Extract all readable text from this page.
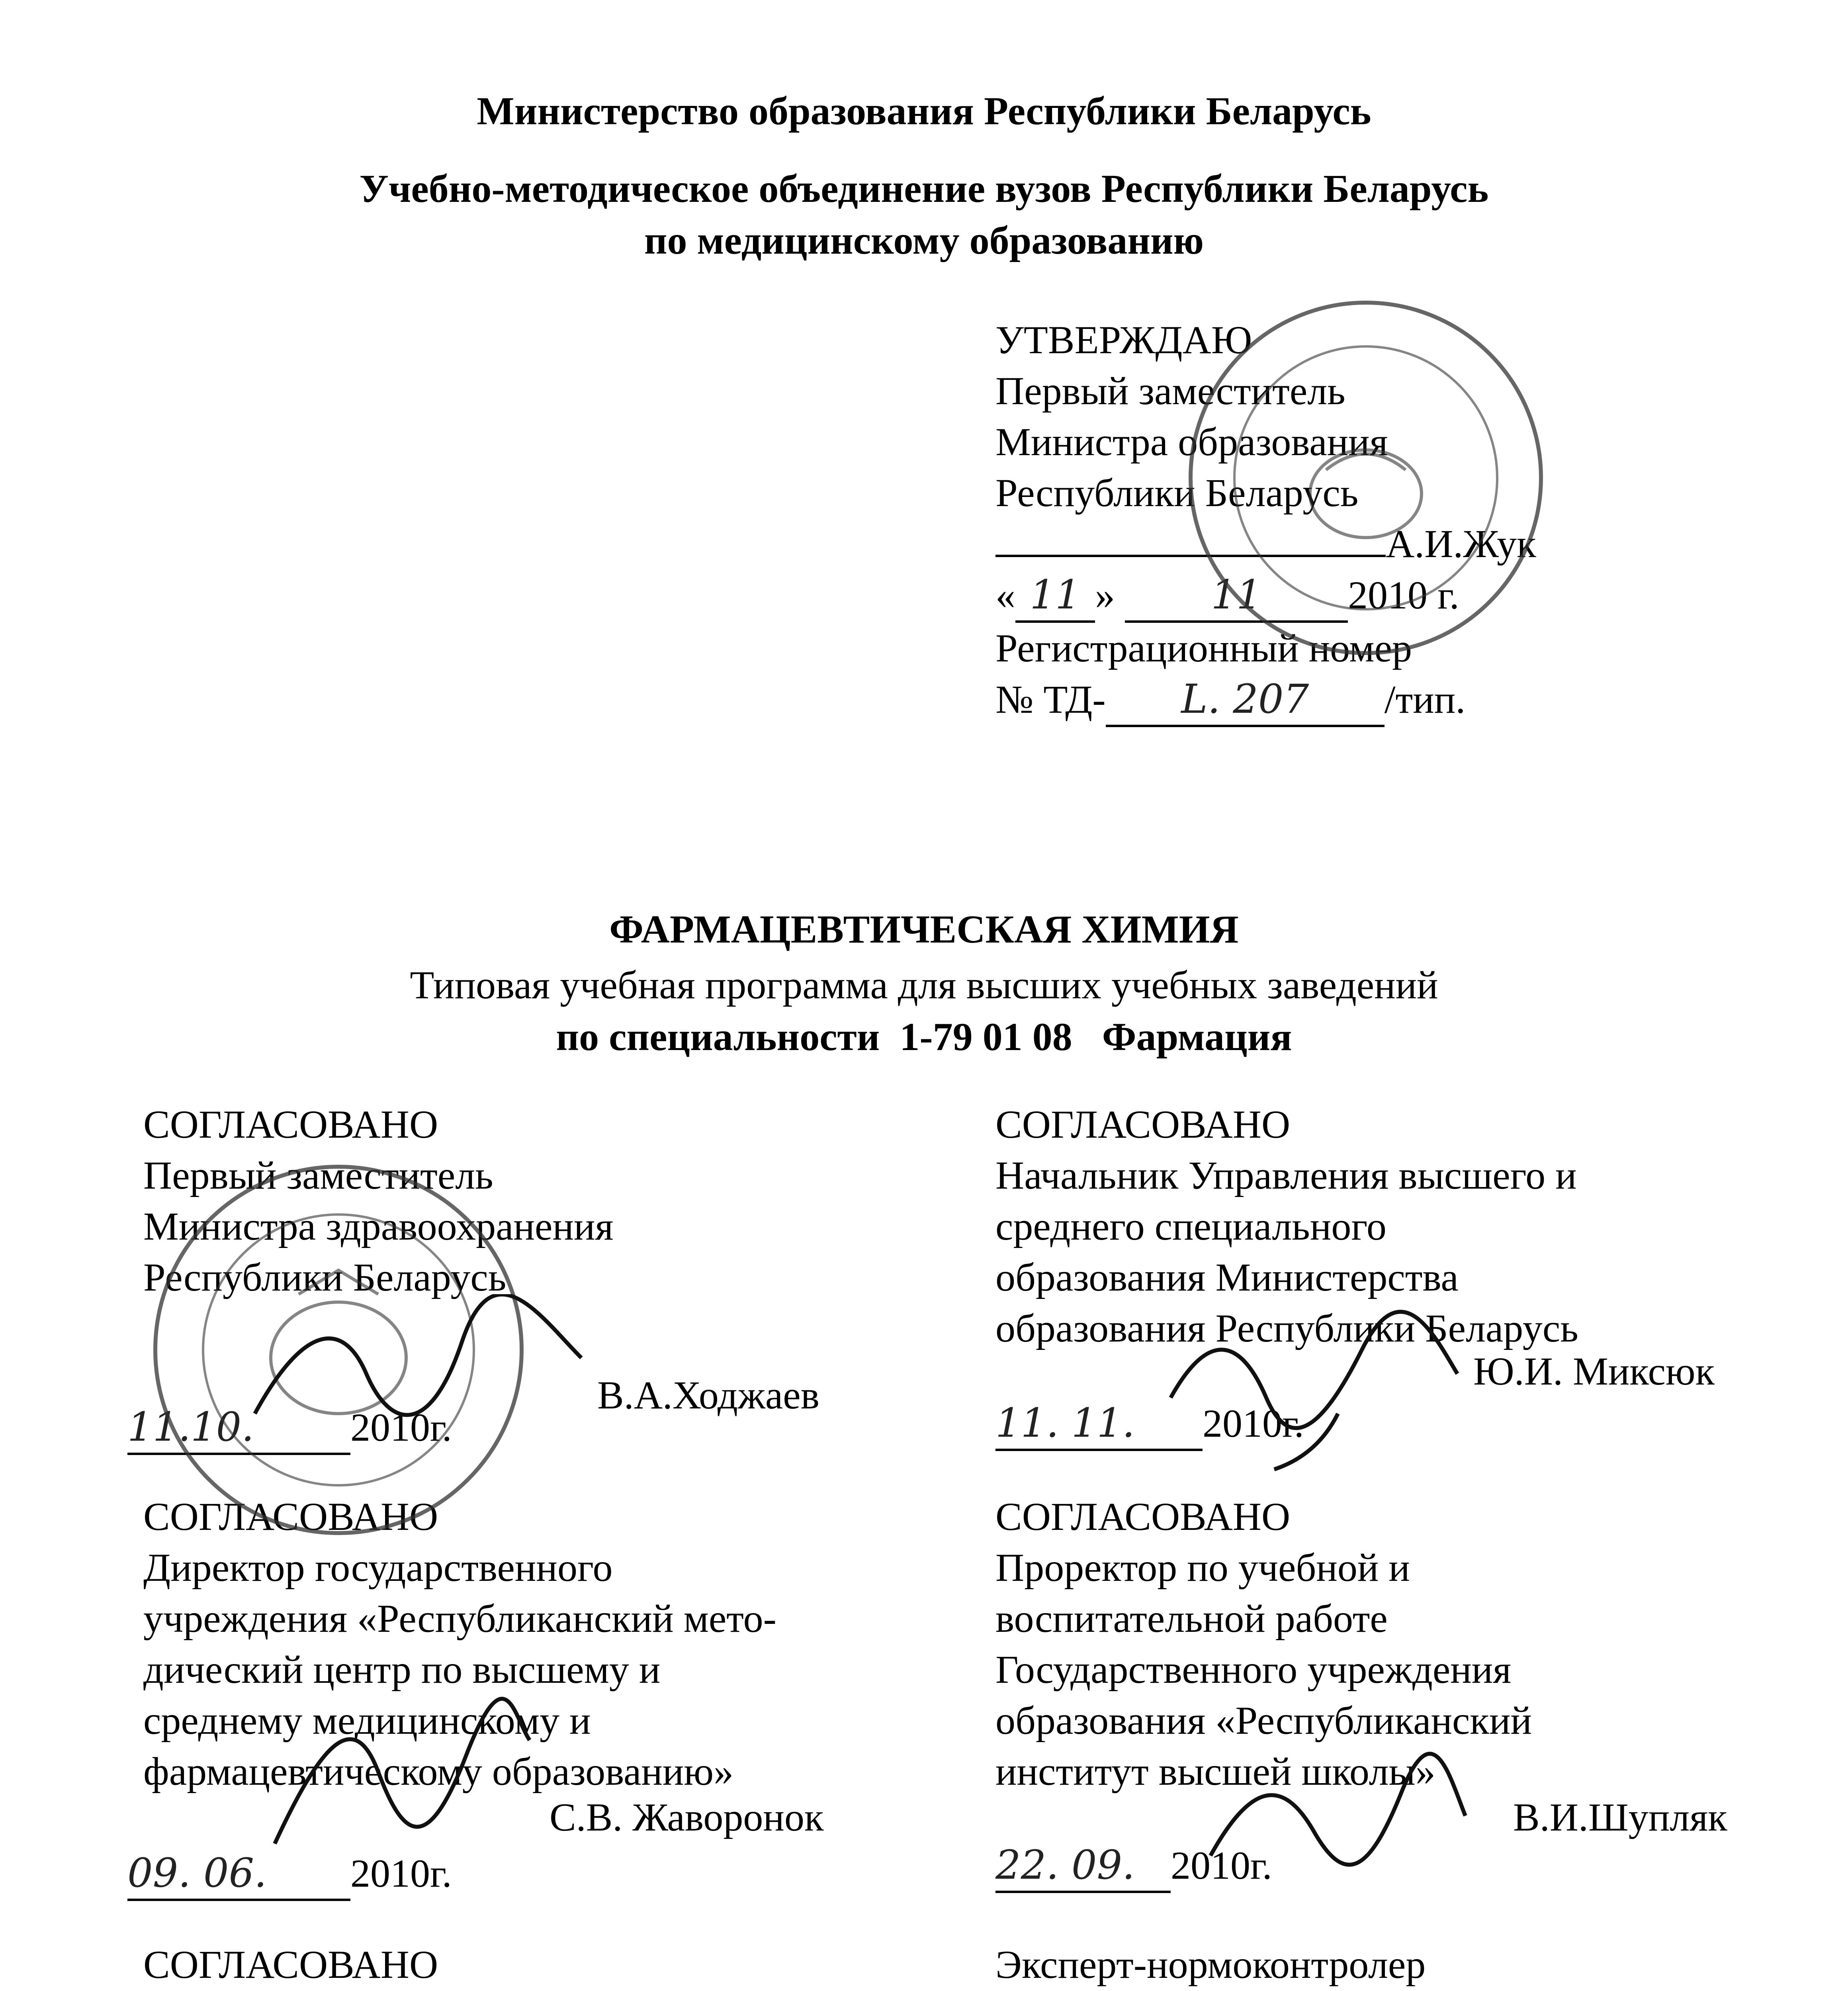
Министерство образования Республики Беларусь
Учебно-методическое объединение вузов Республики Беларусь
по медицинскому образованию
УТВЕРЖДАЮ
Первый заместитель
Министра образования
Республики Беларусь
А.И.Жук
« 11 » 11 2010 г.
Регистрационный номер
№ ТД- L. 207 /тип.
ФАРМАЦЕВТИЧЕСКАЯ ХИМИЯ
Типовая учебная программа для высших учебных заведений
по специальности  1-79 01 08   Фармация
СОГЛАСОВАНО
Первый заместитель
Министра здравоохранения
Республики Беларусь
В.А.Ходжаев
11.10. 2010г.
СОГЛАСОВАНО
Начальник Управления высшего и
среднего специального
образования Министерства
образования Республики Беларусь
Ю.И. Миксюк
11. 11. 2010г.
СОГЛАСОВАНО
Директор государственного
учреждения «Республиканский мето-
дический центр по высшему и
среднему медицинскому и
фармацевтическому образованию»
С.В. Жаворонок
09. 06. 2010г.
СОГЛАСОВАНО
Проректор по учебной и
воспитательной работе
Государственного учреждения
образования «Республиканский
институт высшей школы»
В.И.Шупляк
22. 09. 2010г.
СОГЛАСОВАНО	Эксперт-нормоконтролер
